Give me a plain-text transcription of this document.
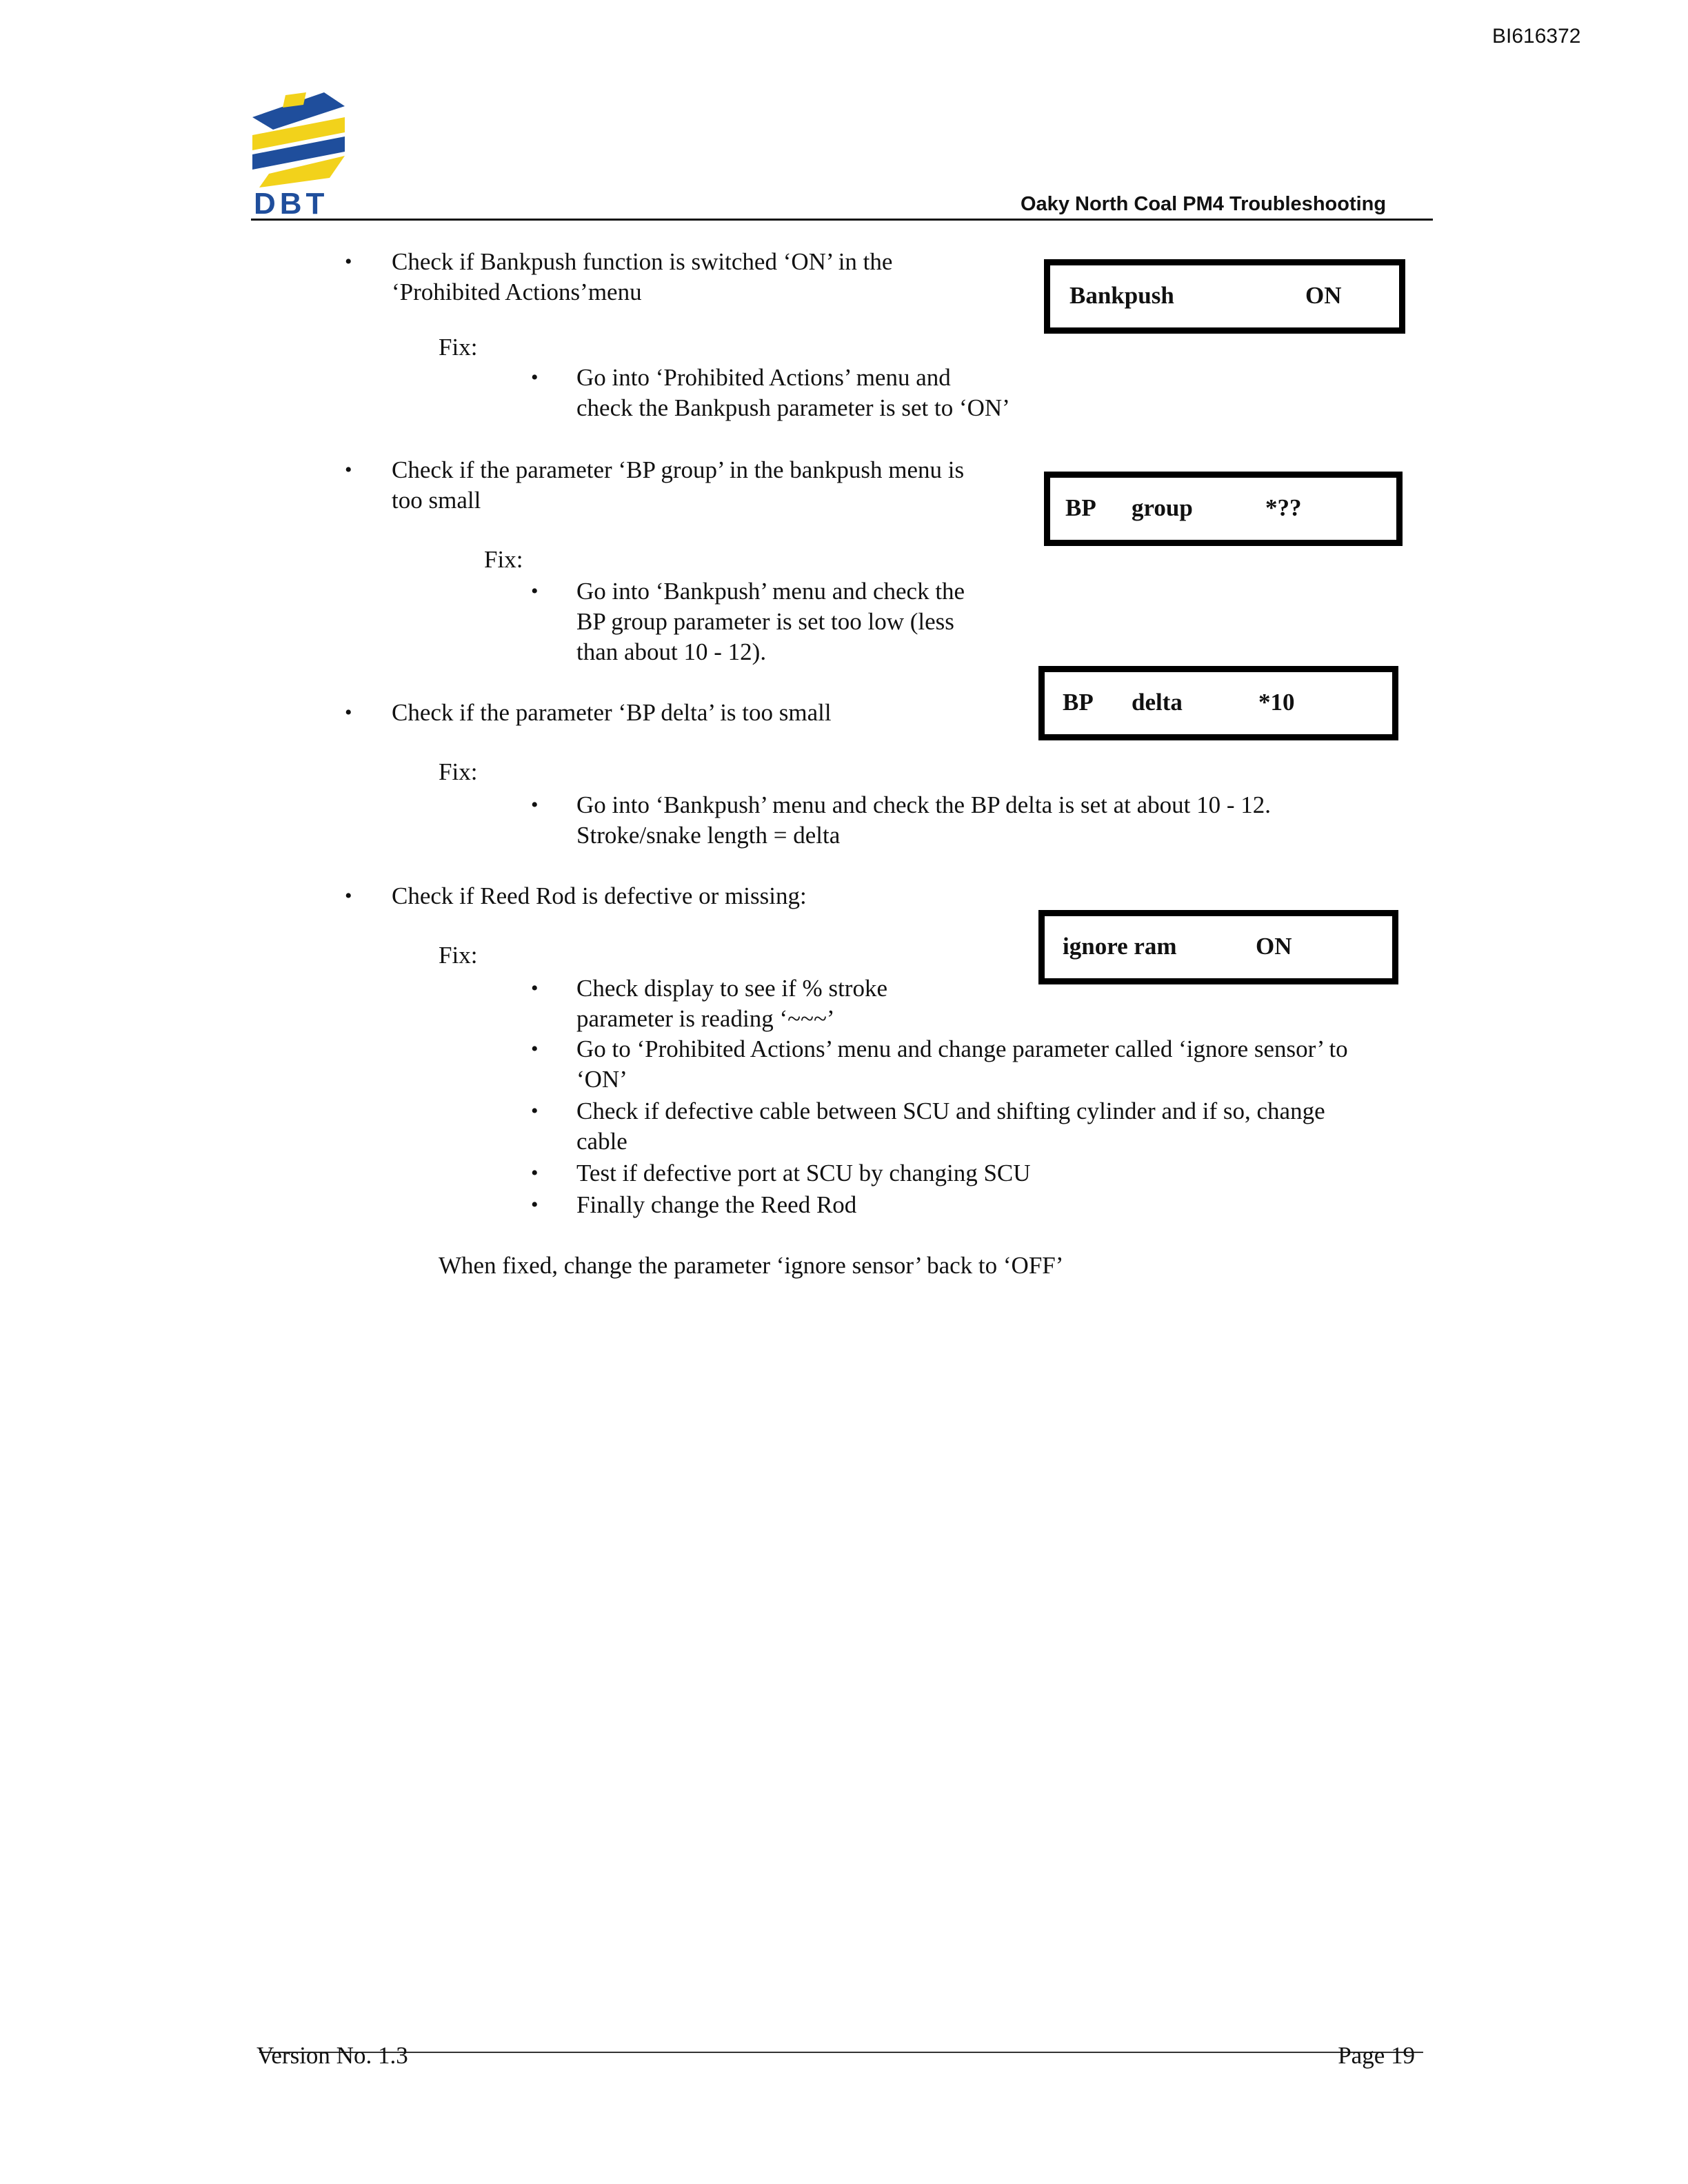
BI616372
DBT	Oaky North Coal PM4 Troubleshooting
• Check if Bankpush function is switched ‘ON’ in the
‘Prohibited Actions’menu
Fix:
• Go into ‘Prohibited Actions’ menu and
check the Bankpush parameter is set to ‘ON’
Bankpush	ON
• Check if the parameter ‘BP group’ in the bankpush menu is
too small
Fix:
• Go into ‘Bankpush’ menu and check the
BP group parameter is set too low (less
than about 10 - 12).
BP group	*??
• Check if the parameter ‘BP delta’ is too small
Fix:
• Go into ‘Bankpush’ menu and check the BP delta is set at about 10 - 12.
Stroke/snake length = delta
BP delta	*10
• Check if Reed Rod is defective or missing:
Fix:
• Check display to see if % stroke
parameter is reading ‘~~~’
• Go to ‘Prohibited Actions’ menu and change parameter called ‘ignore sensor’ to
‘ON’
• Check if defective cable between SCU and shifting cylinder and if so, change
cable
• Test if defective port at SCU by changing SCU
• Finally change the Reed Rod
When fixed, change the parameter ‘ignore sensor’ back to ‘OFF’
ignore ram	ON
Version No. 1.3	Page 19
